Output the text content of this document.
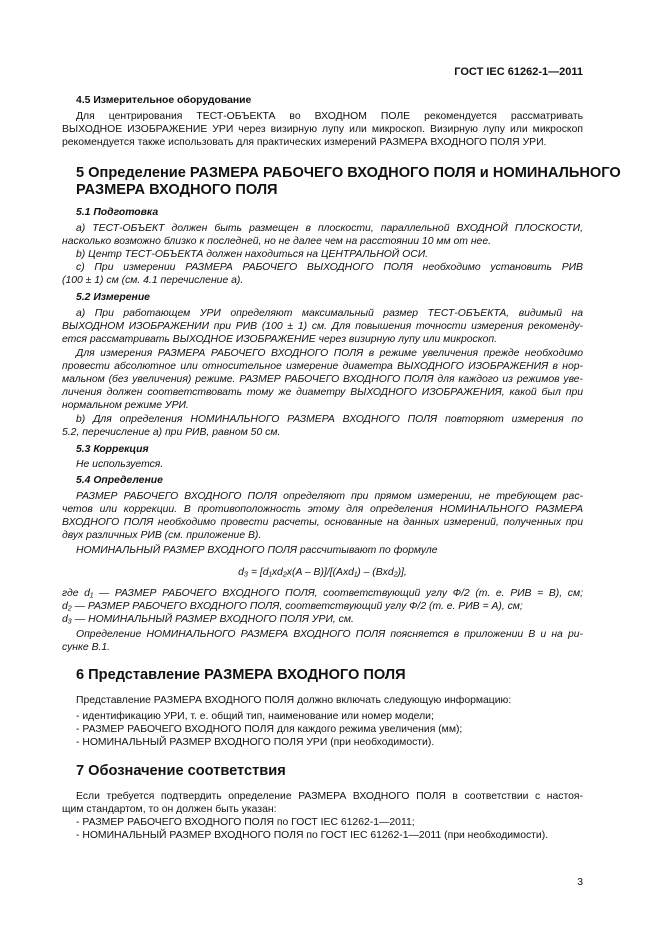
ГОСТ IEC 61262-1—2011
4.5 Измерительное оборудование
Для центрирования ТЕСТ-ОБЪЕКТА во ВХОДНОМ ПОЛЕ рекомендуется рассматривать
ВЫХОДНОЕ ИЗОБРАЖЕНИЕ УРИ через визирную лупу или микроскоп. Визирную лупу или микроскоп
рекомендуется также использовать для практических измерений РАЗМЕРА ВХОДНОГО ПОЛЯ УРИ.
5 Определение РАЗМЕРА РАБОЧЕГО ВХОДНОГО ПОЛЯ и НОМИНАЛЬНОГО
РАЗМЕРА ВХОДНОГО ПОЛЯ
5.1 Подготовка
а) ТЕСТ-ОБЪЕКТ должен быть размещен в плоскости, параллельной ВХОДНОЙ ПЛОСКОСТИ,
насколько возможно близко к последней, но не далее чем на расстоянии 10 мм от нее.
b) Центр ТЕСТ-ОБЪЕКТА должен находиться на ЦЕНТРАЛЬНОЙ ОСИ.
c) При измерении РАЗМЕРА РАБОЧЕГО ВЫХОДНОГО ПОЛЯ необходимо установить РИВ
(100 ± 1) см (см. 4.1 перечисление а).
5.2 Измерение
а) При работающем УРИ определяют максимальный размер ТЕСТ-ОБЪЕКТА, видимый на
ВЫХОДНОМ ИЗОБРАЖЕНИИ при РИВ (100 ± 1) см. Для повышения точности измерения рекоменду-
ется рассматривать ВЫХОДНОЕ ИЗОБРАЖЕНИЕ через визирную лупу или микроскоп.
Для измерения РАЗМЕРА РАБОЧЕГО ВХОДНОГО ПОЛЯ в режиме увеличения прежде необходимо
провести абсолютное или относительное измерение диаметра ВЫХОДНОГО ИЗОБРАЖЕНИЯ в нор-
мальном (без увеличения) режиме. РАЗМЕР РАБОЧЕГО ВХОДНОГО ПОЛЯ для каждого из режимов уве-
личения должен соответствовать тому же диаметру ВЫХОДНОГО ИЗОБРАЖЕНИЯ, какой был при
нормальном режиме УРИ.
b) Для определения НОМИНАЛЬНОГО РАЗМЕРА ВХОДНОГО ПОЛЯ повторяют измерения по
5.2, перечисление а) при РИВ, равном 50 см.
5.3 Коррекция
Не используется.
5.4 Определение
РАЗМЕР РАБОЧЕГО ВХОДНОГО ПОЛЯ определяют при прямом измерении, не требующем рас-
четов или коррекции. В противоположность этому для определения НОМИНАЛЬНОГО РАЗМЕРА
ВХОДНОГО ПОЛЯ необходимо провести расчеты, основанные на данных измерений, полученных при
двух различных РИВ (см. приложение В).
НОМИНАЛЬНЫЙ РАЗМЕР ВХОДНОГО ПОЛЯ рассчитывают по формуле
d₃ = [d₁xd₂x(A – B)]/[(Axd₁) – (Bxd₂)],
где d₁ — РАЗМЕР РАБОЧЕГО ВХОДНОГО ПОЛЯ, соответствующий углу Ф/2 (т. е. РИВ = В), см;
d₂ — РАЗМЕР РАБОЧЕГО ВХОДНОГО ПОЛЯ, соответствующий углу Ф/2 (т. е. РИВ = А), см;
d₃ — НОМИНАЛЬНЫЙ РАЗМЕР ВХОДНОГО ПОЛЯ УРИ, см.
Определение НОМИНАЛЬНОГО РАЗМЕРА ВХОДНОГО ПОЛЯ поясняется в приложении В и на ри-
сунке В.1.
6 Представление РАЗМЕРА ВХОДНОГО ПОЛЯ
Представление РАЗМЕРА ВХОДНОГО ПОЛЯ должно включать следующую информацию:
- идентификацию УРИ, т. е. общий тип, наименование или номер модели;
- РАЗМЕР РАБОЧЕГО ВХОДНОГО ПОЛЯ для каждого режима увеличения (мм);
- НОМИНАЛЬНЫЙ РАЗМЕР ВХОДНОГО ПОЛЯ УРИ (при необходимости).
7 Обозначение соответствия
Если требуется подтвердить определение РАЗМЕРА ВХОДНОГО ПОЛЯ в соответствии с настоя-
щим стандартом, то он должен быть указан:
- РАЗМЕР РАБОЧЕГО ВХОДНОГО ПОЛЯ по ГОСТ IEC 61262-1—2011;
- НОМИНАЛЬНЫЙ РАЗМЕР ВХОДНОГО ПОЛЯ по ГОСТ IEC 61262-1—2011 (при необходимости).
3
